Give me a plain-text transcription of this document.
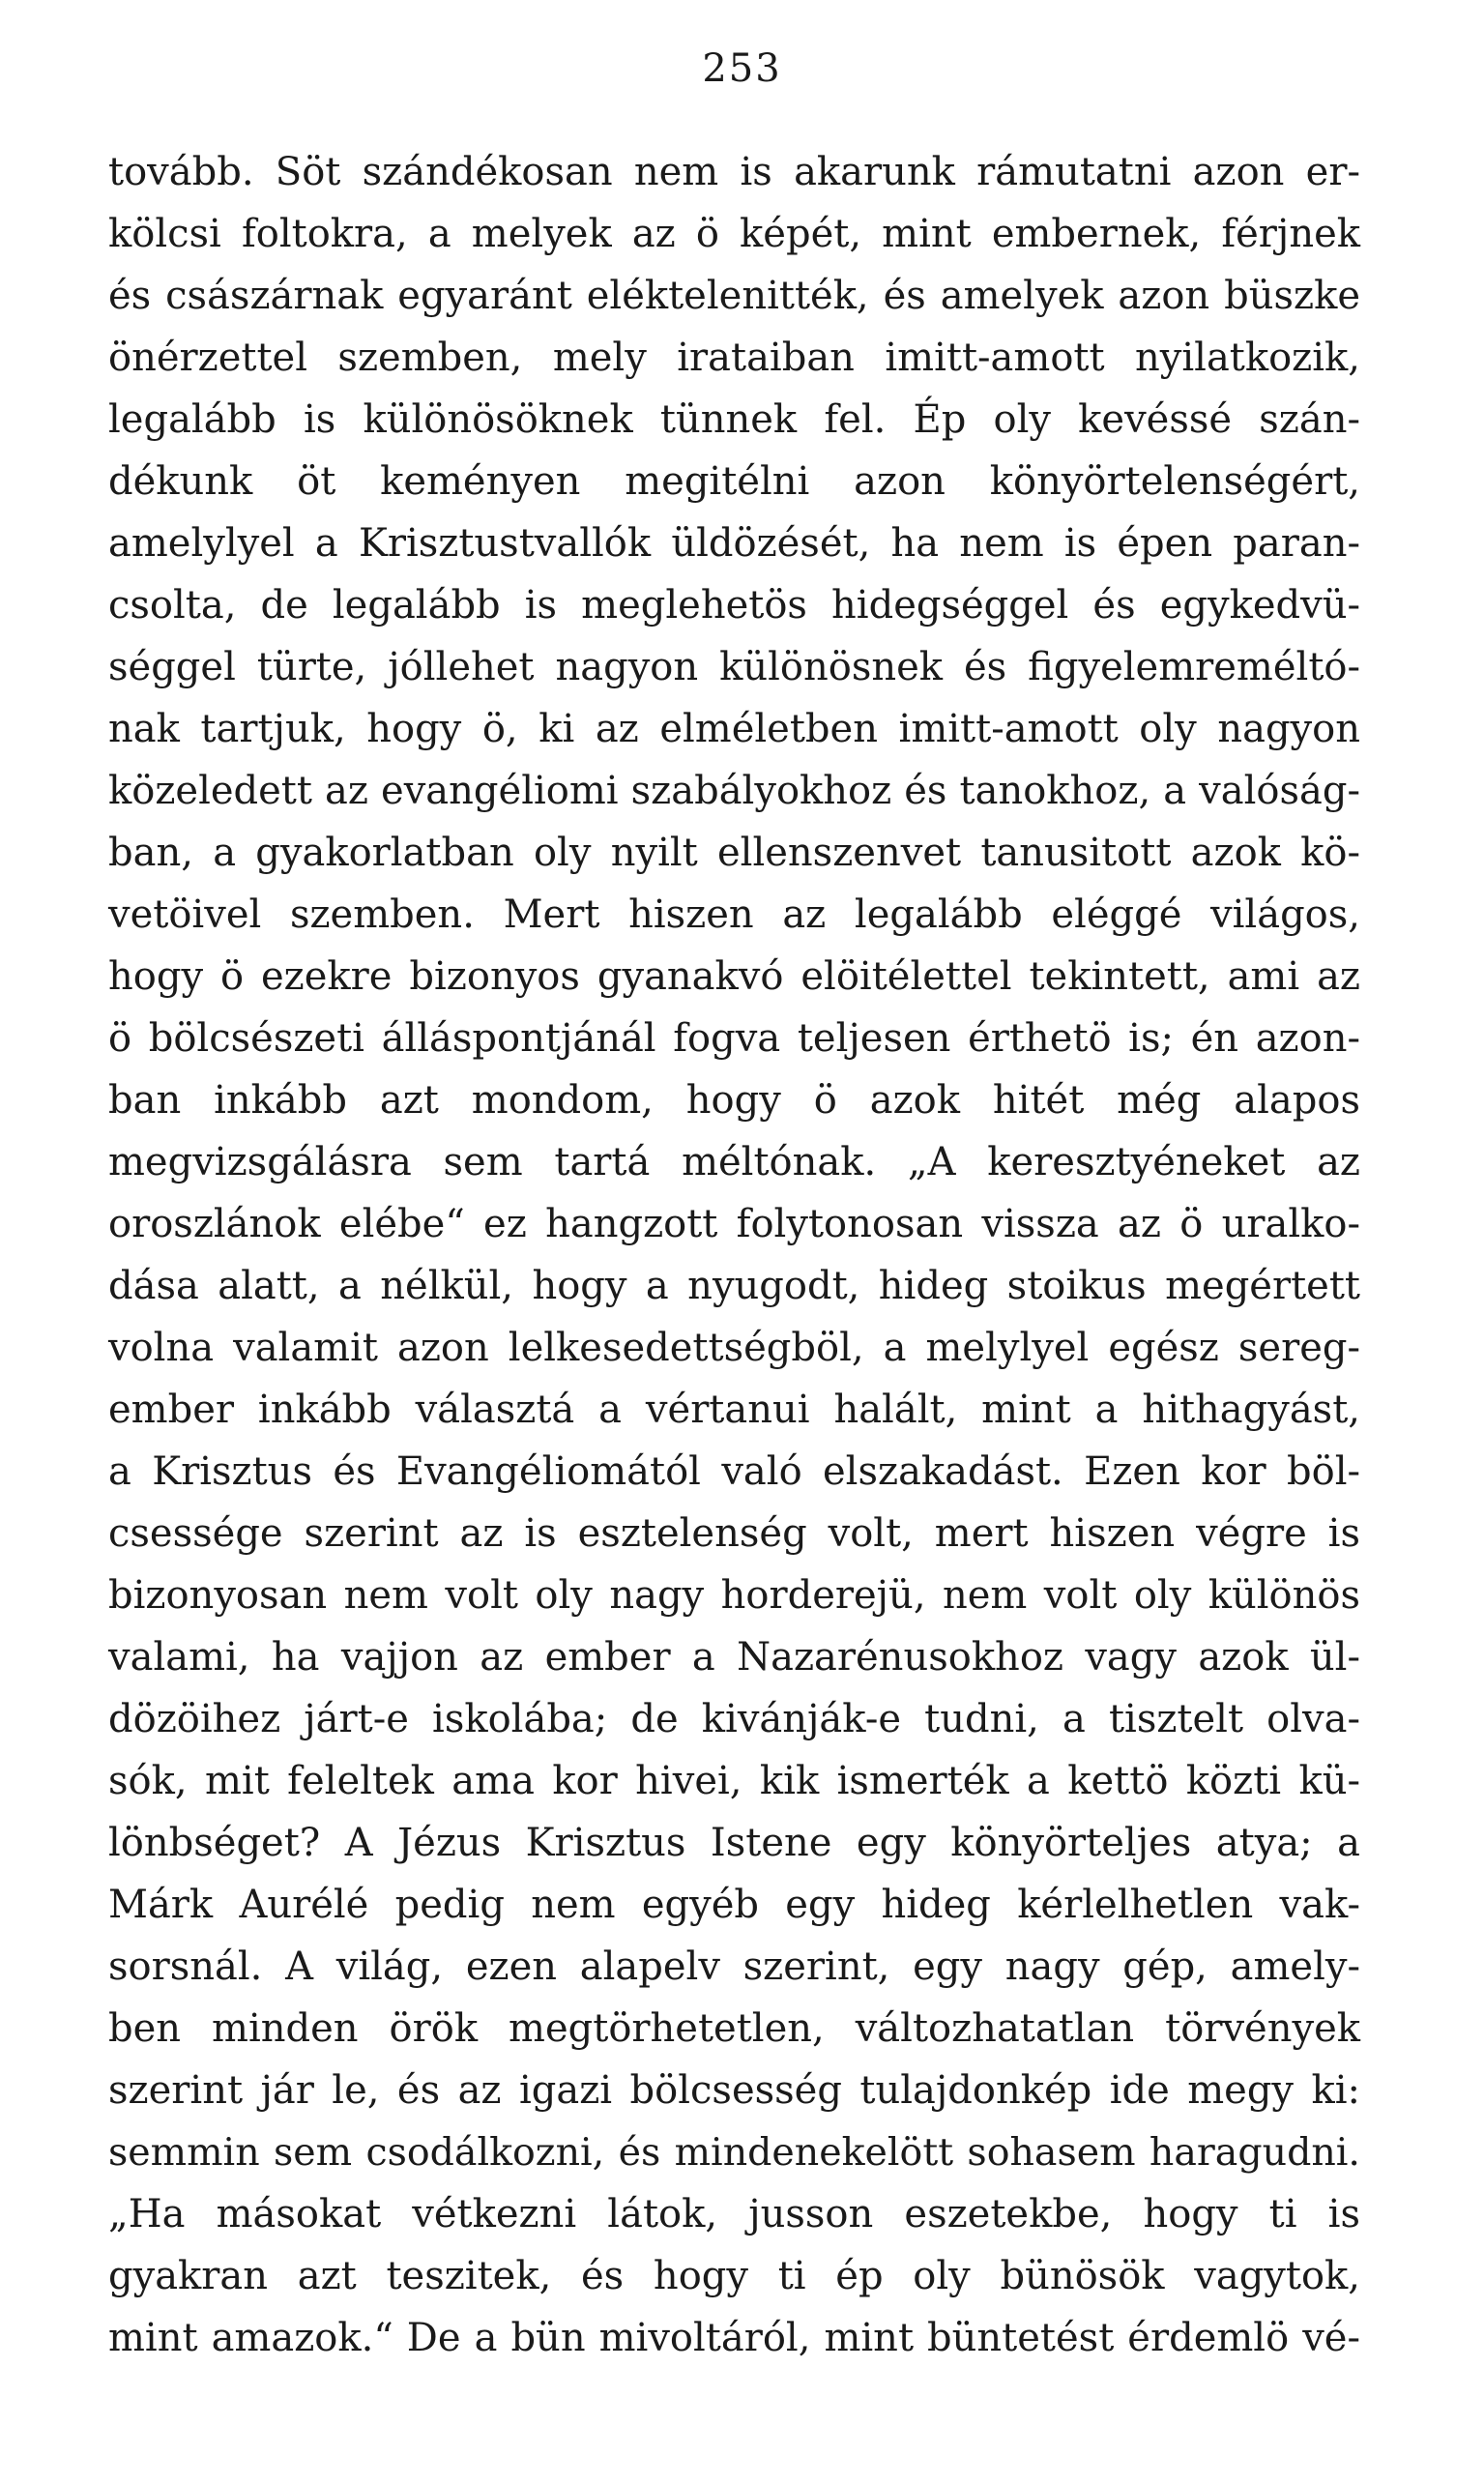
253
tovább. Söt szándékosan nem is akarunk rámutatni azon er-
kölcsi foltokra, a melyek az ö képét, mint embernek, férjnek
és császárnak egyaránt eléktelenitték, és amelyek azon büszke
önérzettel szemben, mely irataiban imitt-amott nyilatkozik,
legalább is különösöknek tünnek fel. Ép oly kevéssé szán-
dékunk öt keményen megitélni azon könyörtelenségért,
amelylyel a Krisztustvallók üldözését, ha nem is épen paran-
csolta, de legalább is meglehetös hidegséggel és egykedvü-
séggel türte, jóllehet nagyon különösnek és figyelemreméltó-
nak tartjuk, hogy ö, ki az elméletben imitt-amott oly nagyon
közeledett az evangéliomi szabályokhoz és tanokhoz, a valóság-
ban, a gyakorlatban oly nyilt ellenszenvet tanusitott azok kö-
vetöivel szemben. Mert hiszen az legalább eléggé világos,
hogy ö ezekre bizonyos gyanakvó elöitélettel tekintett, ami az
ö bölcsészeti álláspontjánál fogva teljesen érthetö is; én azon-
ban inkább azt mondom, hogy ö azok hitét még alapos
megvizsgálásra sem tartá méltónak. „A keresztyéneket az
oroszlánok elébe“ ez hangzott folytonosan vissza az ö uralko-
dása alatt, a nélkül, hogy a nyugodt, hideg stoikus megértett
volna valamit azon lelkesedettségböl, a melylyel egész sereg-
ember inkább választá a vértanui halált, mint a hithagyást,
a Krisztus és Evangéliomától való elszakadást. Ezen kor böl-
csessége szerint az is esztelenség volt, mert hiszen végre is
bizonyosan nem volt oly nagy horderejü, nem volt oly különös
valami, ha vajjon az ember a Nazarénusokhoz vagy azok ül-
dözöihez járt-e iskolába; de kivánják-e tudni, a tisztelt olva-
sók, mit feleltek ama kor hivei, kik ismerték a kettö közti kü-
lönbséget? A Jézus Krisztus Istene egy könyörteljes atya; a
Márk Aurélé pedig nem egyéb egy hideg kérlelhetlen vak-
sorsnál. A világ, ezen alapelv szerint, egy nagy gép, amely-
ben minden örök megtörhetetlen, változhatatlan törvények
szerint jár le, és az igazi bölcsesség tulajdonkép ide megy ki:
semmin sem csodálkozni, és mindenekelött sohasem haragudni.
„Ha másokat vétkezni látok, jusson eszetekbe, hogy ti is
gyakran azt teszitek, és hogy ti ép oly bünösök vagytok,
mint amazok.“ De a bün mivoltáról, mint büntetést érdemlö vé-
